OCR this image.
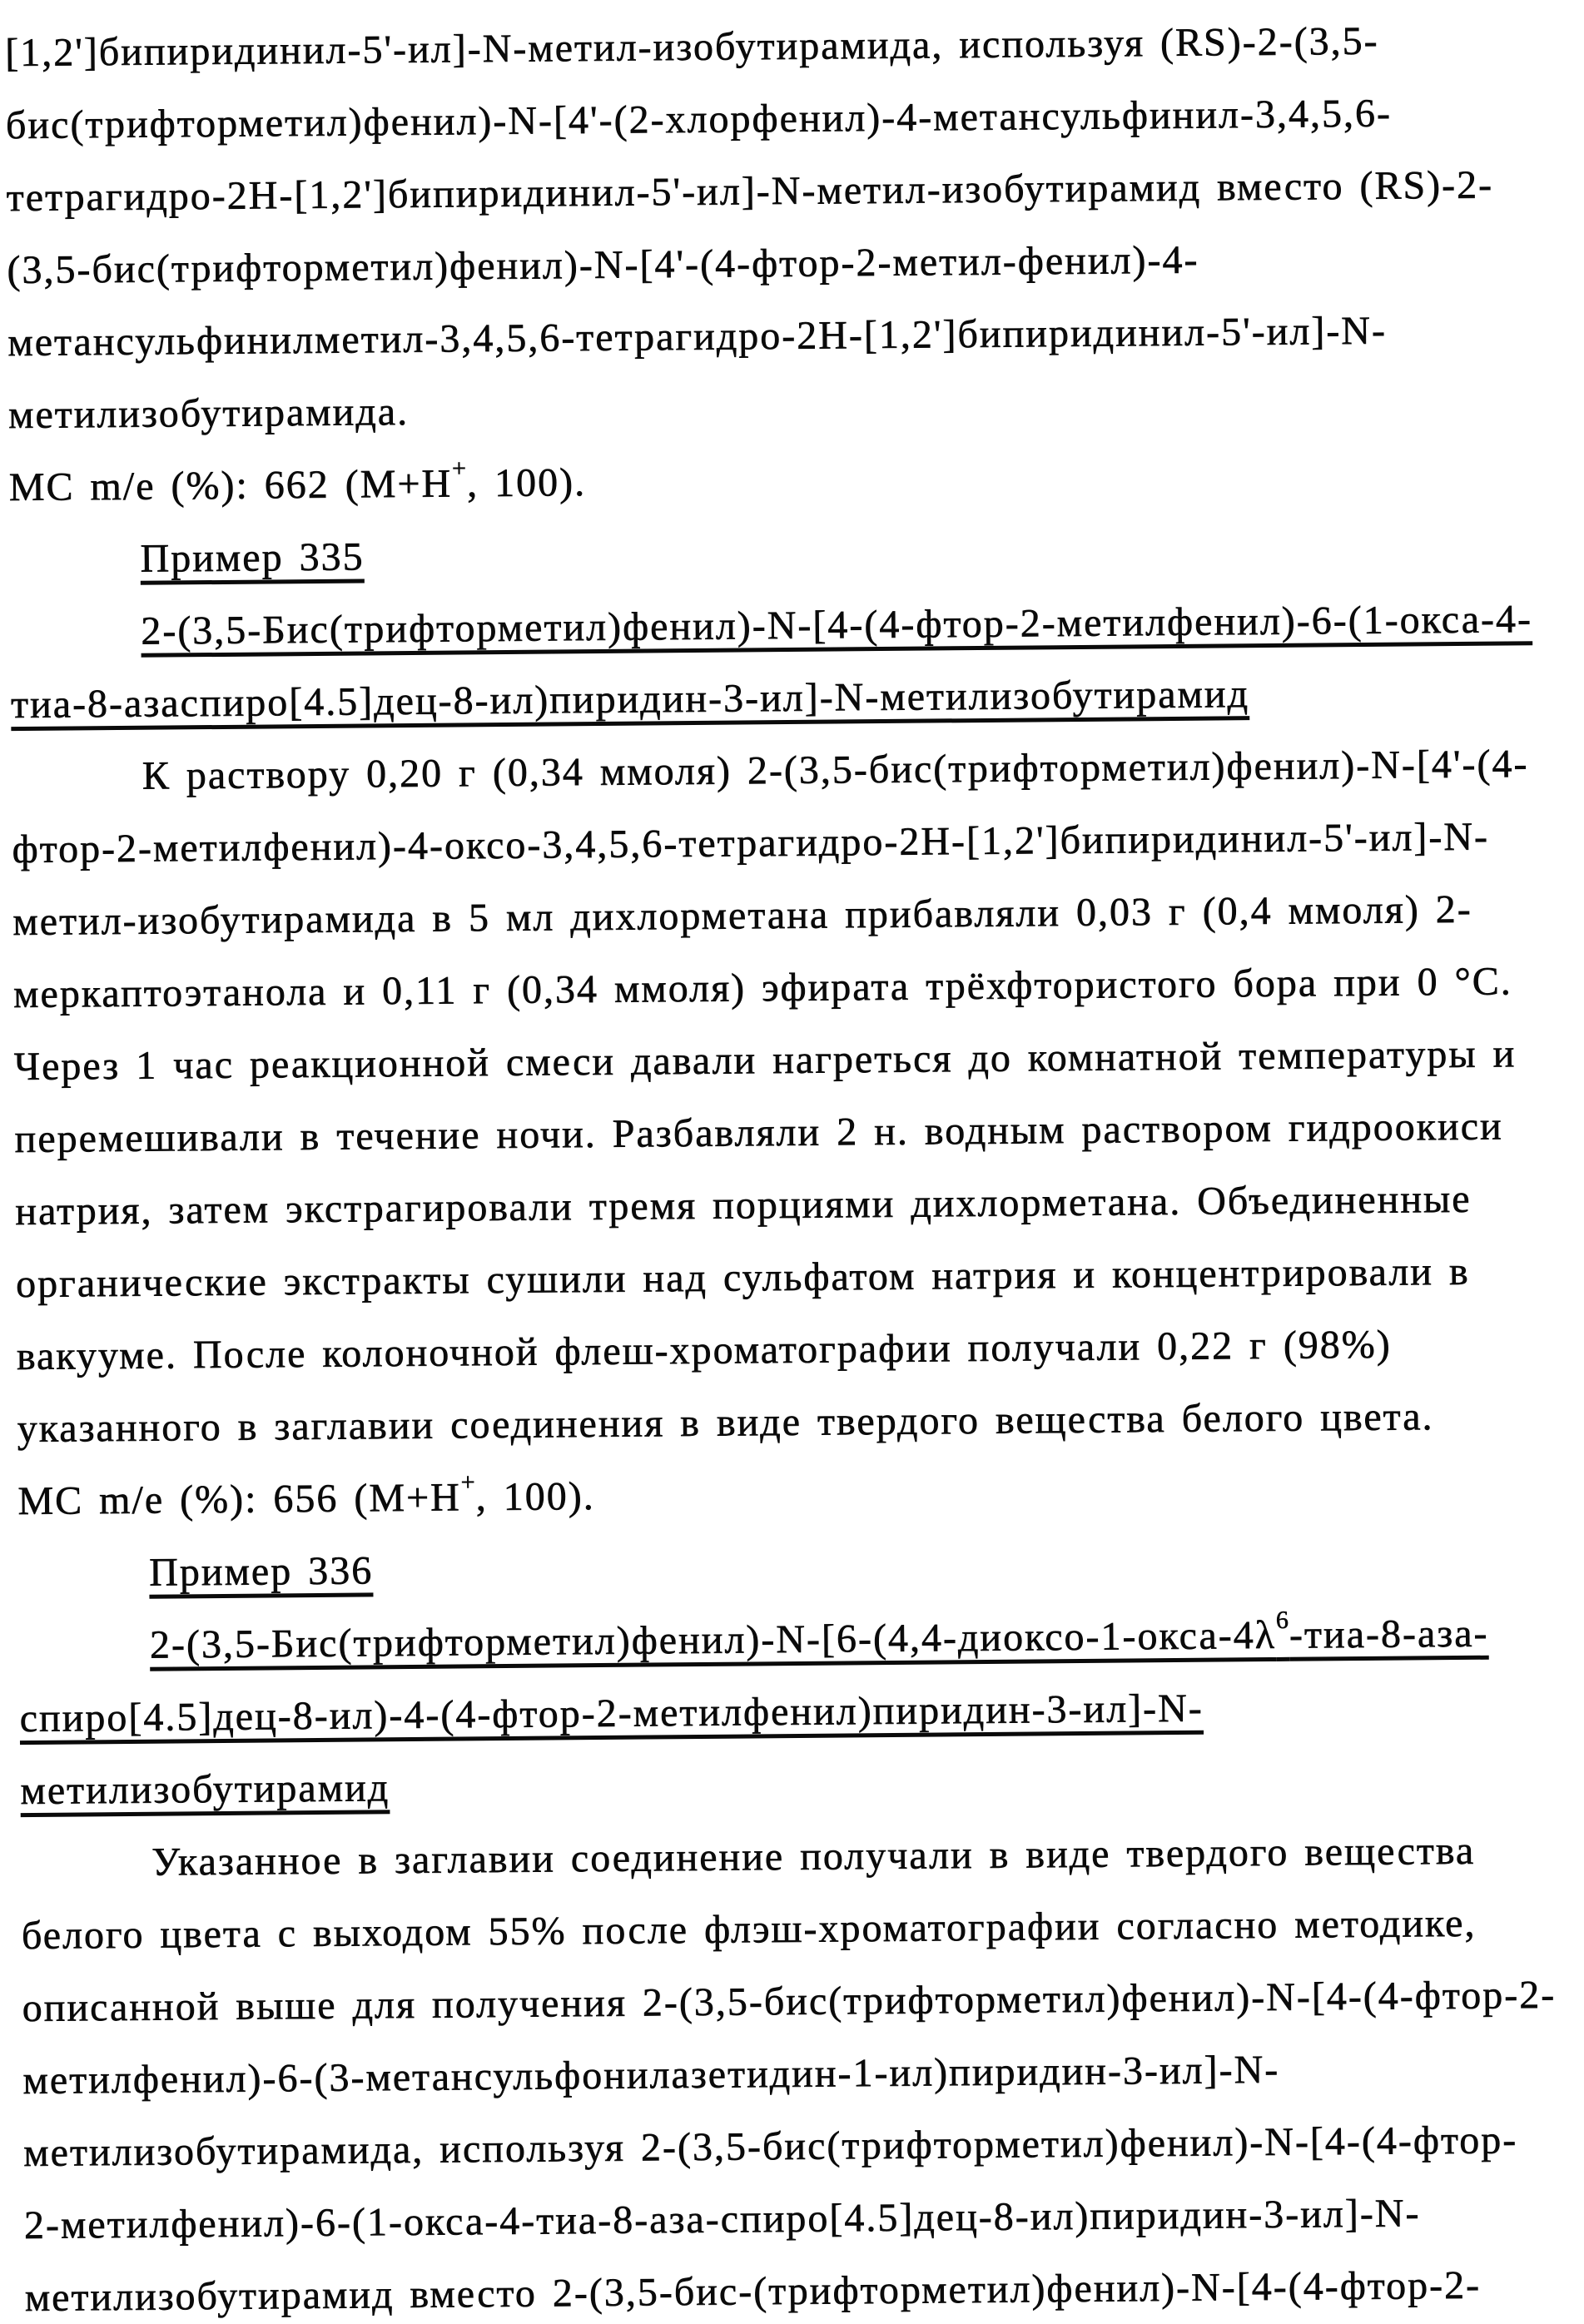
[1,2']бипиридинил-5'-ил]-N-метил-изобутирамида, используя (RS)-2-(3,5-
бис(трифторметил)фенил)-N-[4'-(2-хлорфенил)-4-метансульфинил-3,4,5,6-
тетрагидро-2H-[1,2']бипиридинил-5'-ил]-N-метил-изобутирамид вместо (RS)-2-
(3,5-бис(трифторметил)фенил)-N-[4'-(4-фтор-2-метил-фенил)-4-
метансульфинилметил-3,4,5,6-тетрагидро-2H-[1,2']бипиридинил-5'-ил]-N-
метилизобутирамида.
МС m/e (%): 662 (M+H+, 100).
Пример 335
2-(3,5-Бис(трифторметил)фенил)-N-[4-(4-фтор-2-метилфенил)-6-(1-окса-4-
тиа-8-азаспиро[4.5]дец-8-ил)пиридин-3-ил]-N-метилизобутирамид
К раствору 0,20 г (0,34 ммоля) 2-(3,5-бис(трифторметил)фенил)-N-[4'-(4-
фтор-2-метилфенил)-4-оксо-3,4,5,6-тетрагидро-2H-[1,2']бипиридинил-5'-ил]-N-
метил-изобутирамида в 5 мл дихлорметана прибавляли 0,03 г (0,4 ммоля) 2-
меркаптоэтанола и 0,11 г (0,34 ммоля) эфирата трёхфтористого бора при 0 °C.
Через 1 час реакционной смеси давали нагреться до комнатной температуры и
перемешивали в течение ночи. Разбавляли 2 н. водным раствором гидроокиси
натрия, затем экстрагировали тремя порциями дихлорметана. Объединенные
органические экстракты сушили над сульфатом натрия и концентрировали в
вакууме. После колоночной флеш-хроматографии получали 0,22 г (98%)
указанного в заглавии соединения в виде твердого вещества белого цвета.
МС m/e (%): 656 (M+H+, 100).
Пример 336
$2-(3,5-Бис(трифторметил)фенил)-N-[6-(4,4-диоксо-1-окса-4\lambda^6-тиа-8-аза-$
спиро[4.5]дец-8-ил)-4-(4-фтор-2-метилфенил)пиридин-3-ил]-N-
метилизобутирамид
Указанное в заглавии соединение получали в виде твердого вещества
белого цвета с выходом 55% после флэш-хроматографии согласно методике,
описанной выше для получения 2-(3,5-бис(трифторметил)фенил)-N-[4-(4-фтор-2-
метилфенил)-6-(3-метансульфонилазетидин-1-ил)пиридин-3-ил]-N-
метилизобутирамида, используя 2-(3,5-бис(трифторметил)фенил)-N-[4-(4-фтор-
2-метилфенил)-6-(1-окса-4-тиа-8-аза-спиро[4.5]дец-8-ил)пиридин-3-ил]-N-
метилизобутирамид вместо 2-(3,5-бис-(трифторметил)фенил)-N-[4-(4-фтор-2-
